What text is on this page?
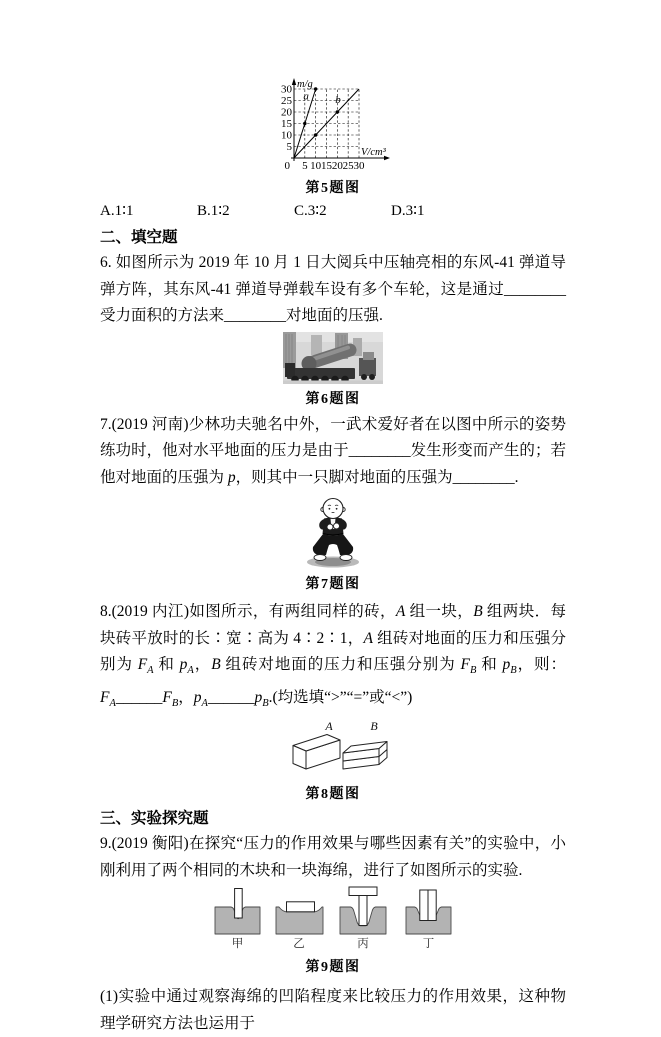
m/g
V/cm³
5
10
15
20
25
30
5 10 15 20 25 30
0
a b
第5题图
A.1∶1	B.1∶2	C.3∶2	D.3∶1
二、填空题

6. 如图所示为 2019 年 10 月 1 日大阅兵中压轴亮相的东风-41 弹道导弹方阵，其东风-41 弹道导弹载车设有多个车轮，这是通过________受力面积的方法来________对地面的压强.

第6题图

7.(2019 河南)少林功夫驰名中外，一武术爱好者在以图中所示的姿势练功时，他对水平地面的压力是由于________发生形变而产生的；若他对地面的压强为 p，则其中一只脚对地面的压强为________.

第7题图

8.(2019 内江)如图所示，有两组同样的砖，A 组一块，B 组两块．每块砖平放时的长∶宽∶高为 4∶2∶1，A 组砖对地面的压力和压强分别为 $F_A$ 和 $p_A$，B 组砖对地面的压力和压强分别为 $F_B$ 和 $p_B$，则：$F_A\_\_\_\_\_\_F_B$，$p_A\_\_\_\_\_\_p_B$.(均选填“>”“=”或“<”)

A	B
第8题图
三、实验探究题

9.(2019 衡阳)在探究“压力的作用效果与哪些因素有关”的实验中，小刚利用了两个相同的木块和一块海绵，进行了如图所示的实验.

甲	乙	丙	丁
第9题图

(1)实验中通过观察海绵的凹陷程度来比较压力的作用效果，这种物理学研究方法也运用于
